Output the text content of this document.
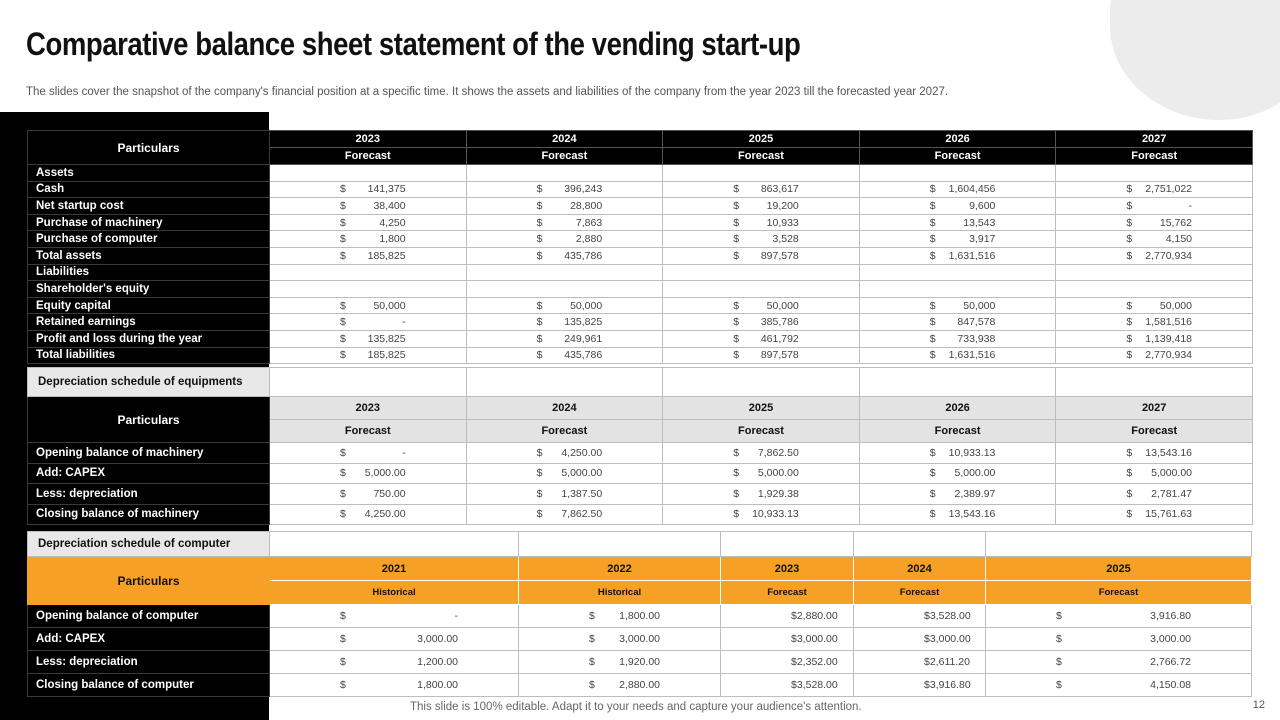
Comparative balance sheet statement of the vending start-up
The slides cover the snapshot of the company's financial position at a specific time. It shows the assets and liabilities of the company from the year 2023 till the forecasted year 2027.
Particulars	2023	2024	2025	2026	2027
	Forecast	Forecast	Forecast	Forecast	Forecast
Assets					
Cash	$ 141,375	$ 396,243	$ 863,617	$ 1,604,456	$ 2,751,022

Net startup cost	$ 38,400	$ 28,800	$ 19,200	$ 9,600	$ -

Purchase of machinery	$ 4,250	$ 7,863	$ 10,933	$ 13,543	$ 15,762

Purchase of computer	$ 1,800	$ 2,880	$ 3,528	$ 3,917	$ 4,150

Total assets	$ 185,825	$ 435,786	$ 897,578	$ 1,631,516	$ 2,770,934

Liabilities					
Shareholder's equity					
Equity capital	$ 50,000	$ 50,000	$ 50,000	$ 50,000	$ 50,000

Retained earnings	$ -	$ 135,825	$ 385,786	$ 847,578	$ 1,581,516

Profit and loss during the year	$ 135,825	$ 249,961	$ 461,792	$ 733,938	$ 1,139,418

Total liabilities	$ 185,825	$ 435,786	$ 897,578	$ 1,631,516	$ 2,770,934
Depreciation schedule of equipments					
Particulars	2023	2024	2025	2026	2027
	Forecast	Forecast	Forecast	Forecast	Forecast
Opening balance of machinery	$ -	$ 4,250.00	$ 7,862.50	$ 10,933.13	$ 13,543.16

Add: CAPEX	$ 5,000.00	$ 5,000.00	$ 5,000.00	$ 5,000.00	$ 5,000.00

Less: depreciation	$ 750.00	$ 1,387.50	$ 1,929.38	$ 2,389.97	$ 2,781.47

Closing balance of machinery	$ 4,250.00	$ 7,862.50	$ 10,933.13	$ 13,543.16	$ 15,761.63
Depreciation schedule of computer					
Particulars	2021	2022	2023	2024	2025
	Historical	Historical	Forecast	Forecast	Forecast
Opening balance of computer	$ -	$ 1,800.00	$ 2,880.00	$ 3,528.00	$ 3,916.80

Add: CAPEX	$ 3,000.00	$ 3,000.00	$ 3,000.00	$ 3,000.00	$ 3,000.00

Less: depreciation	$ 1,200.00	$ 1,920.00	$ 2,352.00	$ 2,611.20	$ 2,766.72

Closing balance of computer	$ 1,800.00	$ 2,880.00	$ 3,528.00	$ 3,916.80	$ 4,150.08
This slide is 100% editable. Adapt it to your needs and capture your audience's attention.	12
